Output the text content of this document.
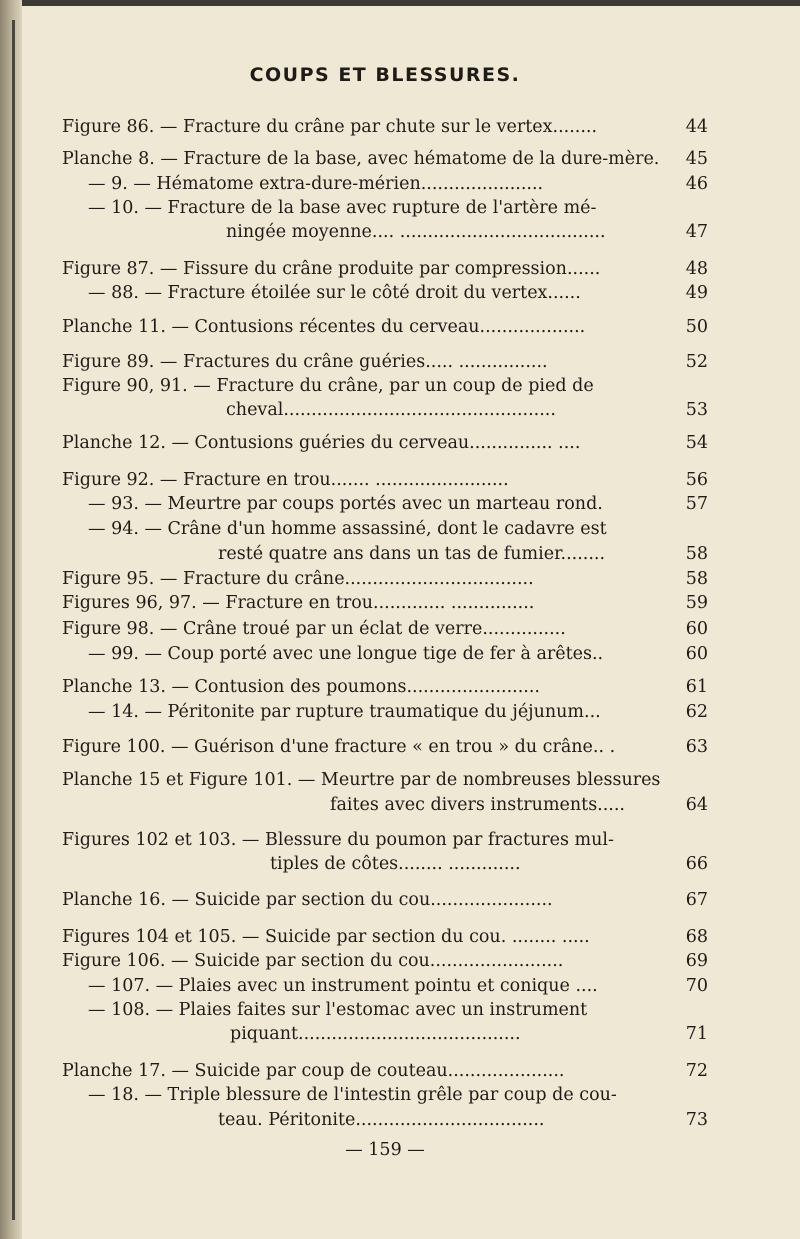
COUPS ET BLESSURES.
Figure 86. — Fracture du crâne par chute sur le vertex........	44
Planche 8. — Fracture de la base, avec hématome de la dure-mère. 45
— 9. — Hématome extra-dure-mérien......................	46
— 10. — Fracture de la base avec rupture de l'artère mé-
ningée moyenne.... .....................................	47
Figure 87. — Fissure du crâne produite par compression......	48
— 88. — Fracture étoilée sur le côté droit du vertex......	49
Planche 11. — Contusions récentes du cerveau...................	50
Figure 89. — Fractures du crâne guéries..... ................	52
Figure 90, 91. — Fracture du crâne, par un coup de pied de
cheval.................................................	53
Planche 12. — Contusions guéries du cerveau............... ....	54
Figure 92. — Fracture en trou....... ........................	56
— 93. — Meurtre par coups portés avec un marteau rond.	57
— 94. — Crâne d'un homme assassiné, dont le cadavre est
resté quatre ans dans un tas de fumier........	58
Figure 95. — Fracture du crâne..................................	58
Figures 96, 97. — Fracture en trou............. ...............	59
Figure 98. — Crâne troué par un éclat de verre...............	60
— 99. — Coup porté avec une longue tige de fer à arêtes..	60
Planche 13. — Contusion des poumons........................	61
— 14. — Péritonite par rupture traumatique du jéjunum...	62
Figure 100. — Guérison d'une fracture « en trou » du crâne.. .	63
Planche 15 et Figure 101. — Meurtre par de nombreuses blessures
faites avec divers instruments.....	64
Figures 102 et 103. — Blessure du poumon par fractures mul-
tiples de côtes........ .............	66
Planche 16. — Suicide par section du cou......................	67
Figures 104 et 105. — Suicide par section du cou. ........ .....	68
Figure 106. — Suicide par section du cou........................	69
— 107. — Plaies avec un instrument pointu et conique ....	70
— 108. — Plaies faites sur l'estomac avec un instrument
piquant........................................	71
Planche 17. — Suicide par coup de couteau.....................	72
— 18. — Triple blessure de l'intestin grêle par coup de cou-
teau. Péritonite..................................	73
— 159 —
